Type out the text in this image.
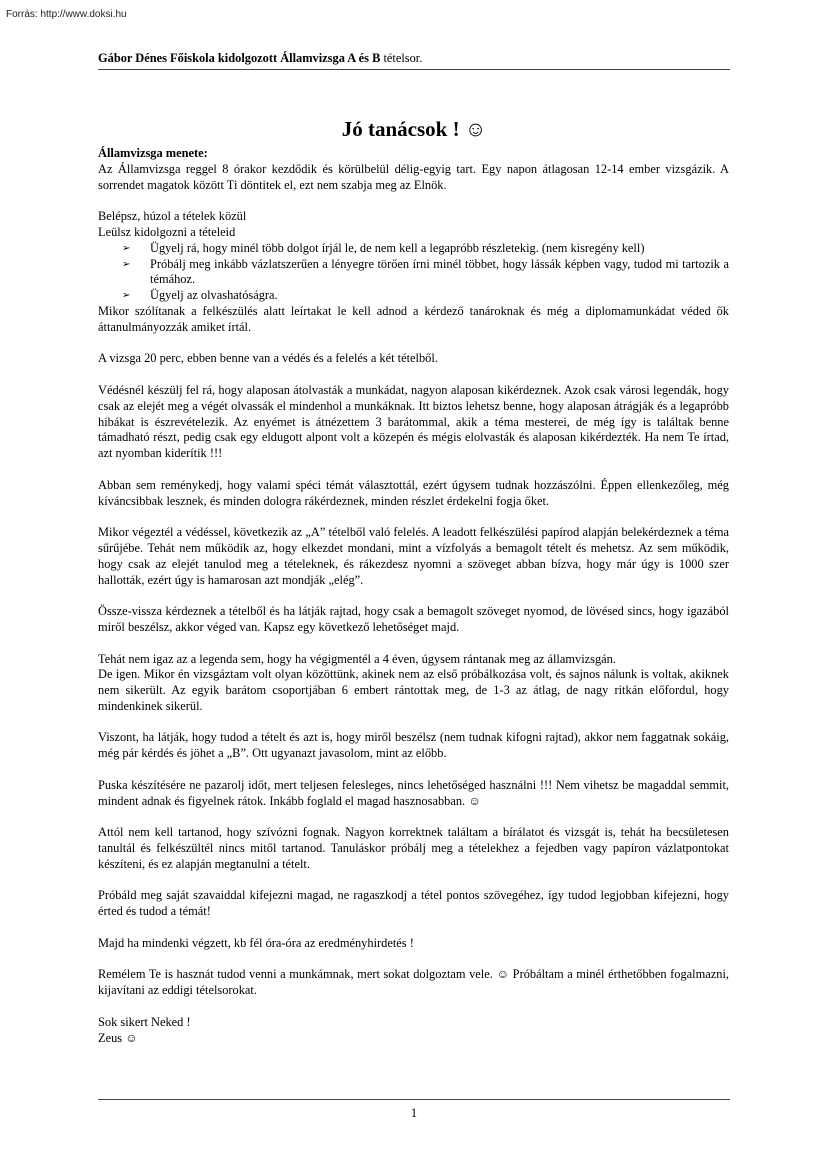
Forrás: http://www.doksi.hu
Gábor Dénes Főiskola kidolgozott Államvizsga A és B tételsor.
Jó tanácsok ! ☺

Államvizsga menete:

Az Államvizsga reggel 8 órakor kezdődik és körülbelül délig-egyig tart. Egy napon átlagosan 12-14 ember vizsgázik. A sorrendet magatok között Ti döntitek el, ezt nem szabja meg az Elnök.

Belépsz, húzol a tételek közül

Leülsz kidolgozni a tételeid

➢	Ügyelj rá, hogy minél több dolgot írjál le, de nem kell a legapróbb részletekig. (nem kisregény kell)
➢	Próbálj meg inkább vázlatszerűen a lényegre törően írni minél többet, hogy lássák képben vagy, tudod mi tartozik a témához.
➢	Ügyelj az olvashatóságra.

Mikor szólítanak a felkészülés alatt leírtakat le kell adnod a kérdező tanároknak és még a diplomamunkádat véded ők áttanulmányozzák amiket írtál.

A vizsga 20 perc, ebben benne van a védés és a felelés a két tételből.

Védésnél készülj fel rá, hogy alaposan átolvasták a munkádat, nagyon alaposan kikérdeznek. Azok csak városi legendák, hogy csak az elejét meg a végét olvassák el mindenhol a munkáknak. Itt biztos lehetsz benne, hogy alaposan átrágják és a legapróbb hibákat is észrevételezik. Az enyémet is átnézettem 3 barátommal, akik a téma mesterei, de még így is találtak benne támadható részt, pedig csak egy eldugott alpont volt a közepén és mégis elolvasták és alaposan kikérdezték. Ha nem Te írtad, azt nyomban kiderítik !!!

Abban sem reménykedj, hogy valami spéci témát választottál, ezért úgysem tudnak hozzászólni. Éppen ellenkezőleg, még kíváncsibbak lesznek, és minden dologra rákérdeznek, minden részlet érdekelni fogja őket.

Mikor végeztél a védéssel, következik az „A” tételből való felelés. A leadott felkészülési papírod alapján belekérdeznek a téma sűrűjébe. Tehát nem működik az, hogy elkezdet mondani, mint a vízfolyás a bemagolt tételt és mehetsz. Az sem működik, hogy csak az elejét tanulod meg a tételeknek, és rákezdesz nyomni a szöveget abban bízva, hogy már úgy is 1000 szer hallották, ezért úgy is hamarosan azt mondják „elég”.

Össze-vissza kérdeznek a tételből és ha látják rajtad, hogy csak a bemagolt szöveget nyomod, de lövésed sincs, hogy igazából miről beszélsz, akkor véged van. Kapsz egy következő lehetőséget majd.

Tehát nem igaz az a legenda sem, hogy ha végigmentél a 4 éven, úgysem rántanak meg az államvizsgán.

De igen. Mikor én vizsgáztam volt olyan közöttünk, akinek nem az első próbálkozása volt, és sajnos nálunk is voltak, akiknek nem sikerült. Az egyik barátom csoportjában 6 embert rántottak meg, de 1-3 az átlag, de nagy ritkán előfordul, hogy mindenkinek sikerül.

Viszont, ha látják, hogy tudod a tételt és azt is, hogy miről beszélsz (nem tudnak kifogni rajtad), akkor nem faggatnak sokáig, még pár kérdés és jöhet a „B”. Ott ugyanazt javasolom, mint az előbb.

Puska készítésére ne pazarolj időt, mert teljesen felesleges, nincs lehetőséged használni !!! Nem vihetsz be magaddal semmit, mindent adnak és figyelnek rátok. Inkább foglald el magad hasznosabban. ☺

Attól nem kell tartanod, hogy szívózni fognak. Nagyon korrektnek találtam a bírálatot és vizsgát is, tehát ha becsületesen tanultál és felkészültél nincs mitől tartanod. Tanuláskor próbálj meg a tételekhez a fejedben vagy papíron vázlatpontokat készíteni, és ez alapján megtanulni a tételt.

Próbáld meg saját szavaiddal kifejezni magad, ne ragaszkodj a tétel pontos szövegéhez, így tudod legjobban kifejezni, hogy érted és tudod a témát!

Majd ha mindenki végzett, kb fél óra-óra az eredményhirdetés !

Remélem Te is hasznát tudod venni a munkámnak, mert sokat dolgoztam vele. ☺ Próbáltam a minél érthetőbben fogalmazni, kijavítani az eddigi tételsorokat.

Sok sikert Neked !

Zeus ☺

1
